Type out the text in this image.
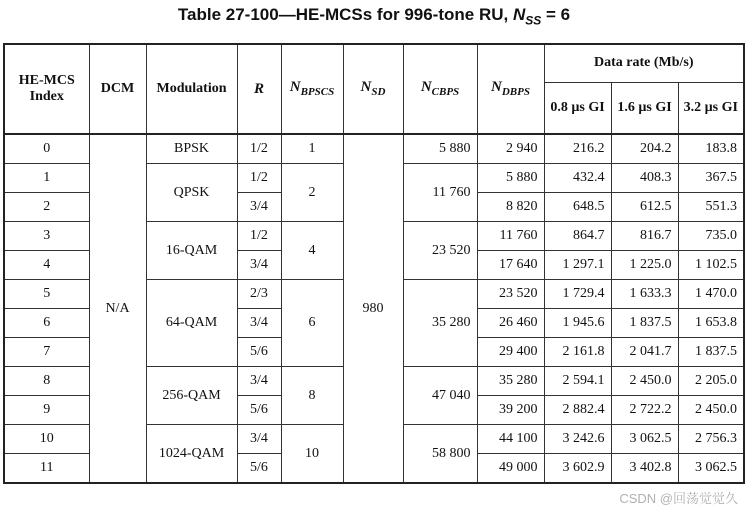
Table 27-100—HE-MCSs for 996-tone RU, $N_{SS} = 6$
HE-MCS Index	DCM	Modulation	R	$N_{BPSCS}$	$N_{SD}$	$N_{CBPS}$	$N_{DBPS}$	Data rate (Mb/s)		
								0.8 µs GI	1.6 µs GI	3.2 µs GI
0	N/A	BPSK	1/2	1	980	5 880	2 940	216.2	204.2	183.8
1		QPSK	1/2	2		11 760	5 880	432.4	408.3	367.5
2			3/4				8 820	648.5	612.5	551.3
3		16-QAM	1/2	4		23 520	11 760	864.7	816.7	735.0
4			3/4				17 640	1 297.1	1 225.0	1 102.5
5		64-QAM	2/3	6		35 280	23 520	1 729.4	1 633.3	1 470.0
6			3/4				26 460	1 945.6	1 837.5	1 653.8
7			5/6				29 400	2 161.8	2 041.7	1 837.5
8		256-QAM	3/4	8		47 040	35 280	2 594.1	2 450.0	2 205.0
9			5/6				39 200	2 882.4	2 722.2	2 450.0
10		1024-QAM	3/4	10		58 800	44 100	3 242.6	3 062.5	2 756.3
11			5/6				49 000	3 602.9	3 402.8	3 062.5
CSDN @回荡觉觉久
